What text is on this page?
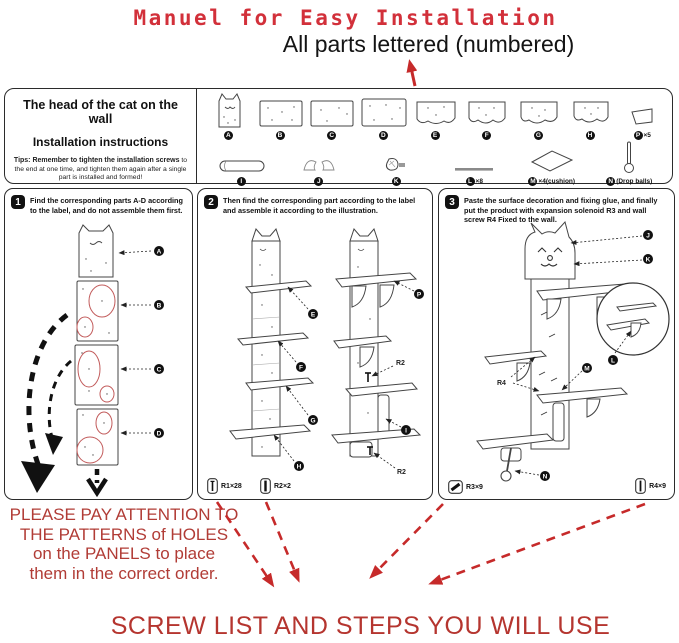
Manuel for Easy Installation
All parts lettered (numbered)
The head of the cat on the wall
Installation instructions
Tips: Remember to tighten the installation screws to the end at one time, and tighten them again after a single part is installed and formed!
A	B	C	D	E	F	G	H	P ×5
I	J	K	L ×8	M ×4(cushion)	N (Drop balls)
1	Find the corresponding parts A-D according to the label, and do not assemble them first.
A
B
C
D
2	Then find the corresponding part according to the label and assemble it according to the illustration.
E
F
G
H
P
R2
I
R2
R1×28	R2×2
3	Paste the surface decoration and fixing glue, and finally put the product with expansion solenoid R3 and wall screw R4 Fixed to the wall.
J
K
L
R4
M
N
R3×9	R4×9
PLEASE PAY ATTENTION TO
THE PATTERNS of HOLES
on the PANELS to place
them in the correct order.
SCREW LIST AND STEPS YOU WILL USE
